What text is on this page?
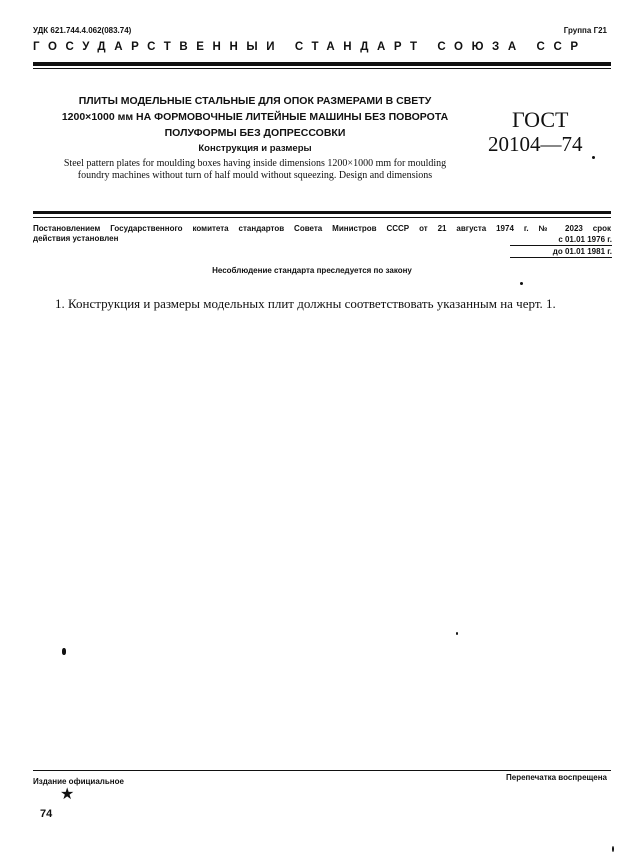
УДК 621.744.4.062(083.74)	Группа Г21
ГОСУДАРСТВЕННЫЙ СТАНДАРТ СОЮЗА ССР
ПЛИТЫ МОДЕЛЬНЫЕ СТАЛЬНЫЕ ДЛЯ ОПОК РАЗМЕРАМИ В СВЕТУ 1200×1000 мм НА ФОРМОВОЧНЫЕ ЛИТЕЙНЫЕ МАШИНЫ БЕЗ ПОВОРОТА ПОЛУФОРМЫ БЕЗ ДОПРЕССОВКИ
Конструкция и размеры
Steel pattern plates for moulding boxes having inside dimensions 1200×1000 mm for moulding foundry machines without turn of half mould without squeezing. Design and dimensions
ГОСТ
20104—74
Постановлением Государственного комитета стандартов Совета Министров СССР от 21 августа 1974 г. № 2023 срок
действия установлен	с 01.01 1976 г.
до 01.01 1981 г.
Несоблюдение стандарта преследуется по закону
1. Конструкция и размеры модельных плит должны соответствовать указанным на черт. 1.
Издание официальное	Перепечатка воспрещена
★
74
